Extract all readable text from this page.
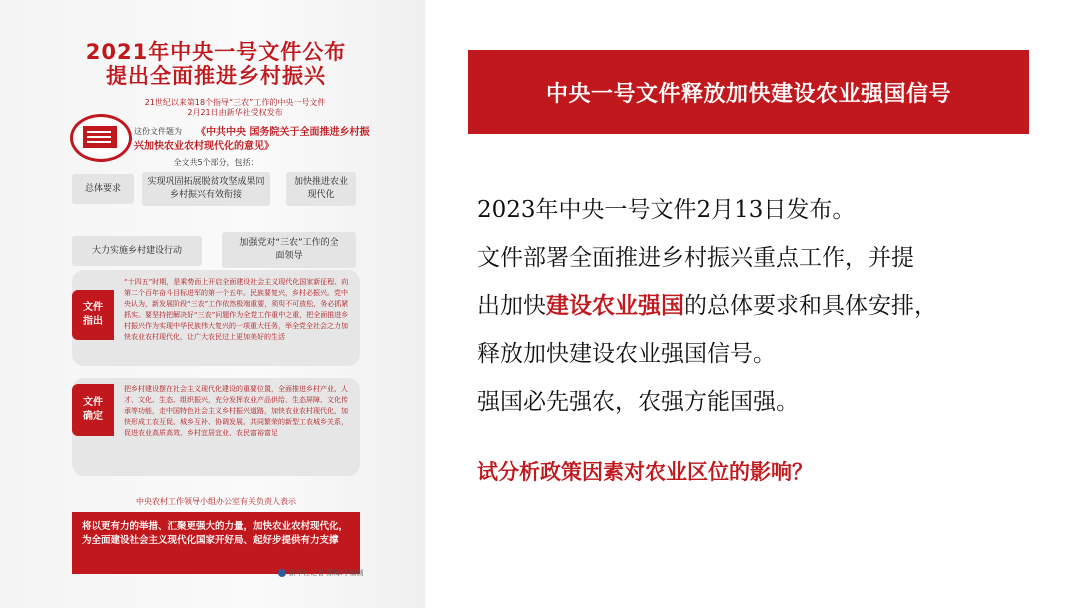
2021年中央一号文件公布
提出全面推进乡村振兴
21世纪以来第18个指导“三农”工作的中央一号文件
2月21日由新华社受权发布
这份文件题为	《中共中央 国务院关于全面推进乡村振兴加快农业农村现代化的意见》
全文共5个部分，包括：
总体要求
实现巩固拓展脱贫攻坚成果同乡村振兴有效衔接
加快推进农业现代化
大力实施乡村建设行动
加强党对“三农”工作的全面领导
文件指出
“十四五”时期，是乘势而上开启全面建设社会主义现代化国家新征程、向第二个百年奋斗目标进军的第一个五年。民族要复兴，乡村必振兴。党中央认为，新发展阶段“三农”工作依然极端重要，须臾不可放松，务必抓紧抓实。要坚持把解决好“三农”问题作为全党工作重中之重，把全面推进乡村振兴作为实现中华民族伟大复兴的一项重大任务，举全党全社会之力加快农业农村现代化，让广大农民过上更加美好的生活
文件确定
把乡村建设摆在社会主义现代化建设的重要位置，全面推进乡村产业、人才、文化、生态、组织振兴，充分发挥农业产品供给、生态屏障、文化传承等功能，走中国特色社会主义乡村振兴道路，加快农业农村现代化，加快形成工农互促、城乡互补、协调发展、共同繁荣的新型工农城乡关系，促进农业高质高效、乡村宜居宜业、农民富裕富足
中央农村工作领导小组办公室有关负责人表示
将以更有力的举措、汇聚更强大的力量，加快农业农村现代化，为全面建设社会主义现代化国家开好局、起好步提供有力支撑
新华社记者 陈梅珂 编制
中央一号文件释放加快建设农业强国信号
2023年中央一号文件2月13日发布。
文件部署全面推进乡村振兴重点工作，并提
出加快建设农业强国的总体要求和具体安排，
释放加快建设农业强国信号。
强国必先强农，农强方能国强。
试分析政策因素对农业区位的影响？
